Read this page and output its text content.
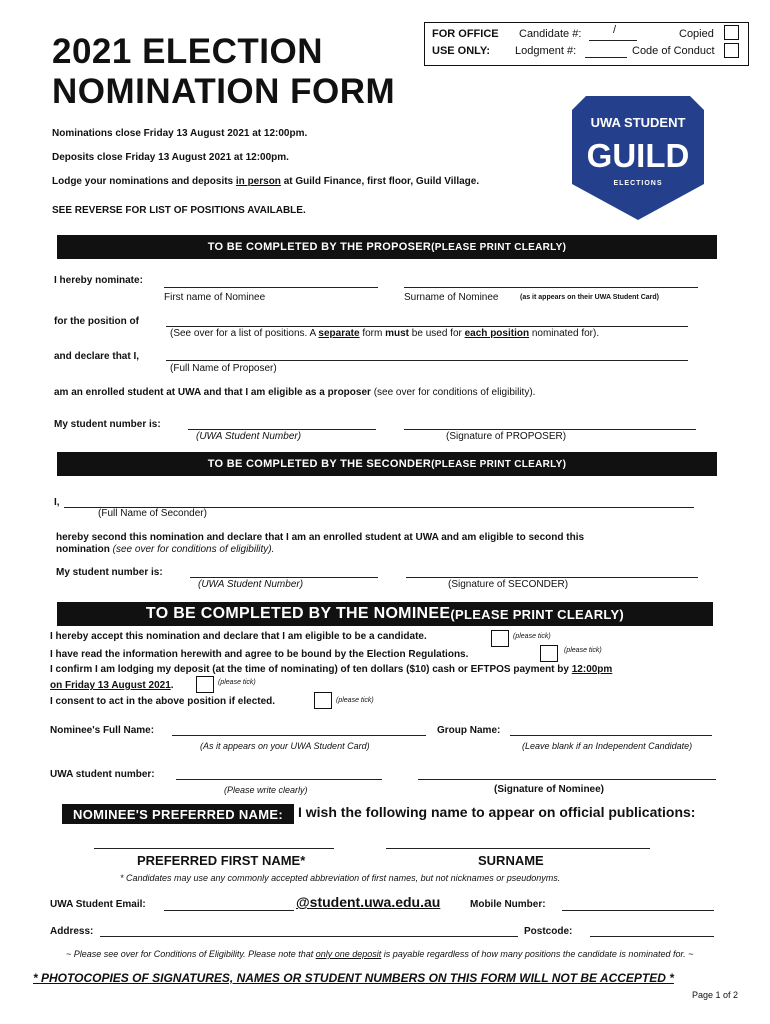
FOR OFFICE
USE ONLY:
Candidate #:	/
Lodgment #:
Copied
Code of Conduct
2021 ELECTION
NOMINATION FORM
UWA STUDENT
GUILD
ELECTIONS
Nominations close Friday 13 August 2021 at 12:00pm.
Deposits close Friday 13 August 2021 at 12:00pm.
Lodge your nominations and deposits in person at Guild Finance, first floor, Guild Village.
SEE REVERSE FOR LIST OF POSITIONS AVAILABLE.
TO BE COMPLETED BY THE PROPOSER (PLEASE PRINT CLEARLY)
I hereby nominate:
First name of Nominee	Surname of Nominee	(as it appears on their UWA Student Card)
for the position of
(See over for a list of positions. A separate form must be used for each position nominated for).
and declare that I,
(Full Name of Proposer)
am an enrolled student at UWA and that I am eligible as a proposer (see over for conditions of eligibility).
My student number is:
(UWA Student Number)	(Signature of PROPOSER)
TO BE COMPLETED BY THE SECONDER (PLEASE PRINT CLEARLY)
I,
(Full Name of Seconder)
hereby second this nomination and declare that I am an enrolled student at UWA and am eligible to second this
nomination (see over for conditions of eligibility).
My student number is:
(UWA Student Number)	(Signature of SECONDER)
TO BE COMPLETED BY THE NOMINEE (PLEASE PRINT CLEARLY)
I hereby accept this nomination and declare that I am eligible to be a candidate.	(please tick)
I have read the information herewith and agree to be bound by the Election Regulations.	(please tick)
I confirm I am lodging my deposit (at the time of nominating) of ten dollars ($10) cash or EFTPOS payment by 12:00pm
on Friday 13 August 2021.	(please tick)
I consent to act in the above position if elected.	(please tick)
Nominee's Full Name:
(As it appears on your UWA Student Card)
Group Name:
(Leave blank if an Independent Candidate)
UWA student number:
(Please write clearly)	(Signature of Nominee)
NOMINEE'S PREFERRED NAME:	I wish the following name to appear on official publications:
PREFERRED FIRST NAME*	SURNAME
* Candidates may use any commonly accepted abbreviation of first names, but not nicknames or pseudonyms.
UWA Student Email:	@student.uwa.edu.au	Mobile Number:
Address:	Postcode:
~ Please see over for Conditions of Eligibility. Please note that only one deposit is payable regardless of how many positions the candidate is nominated for. ~
* PHOTOCOPIES OF SIGNATURES, NAMES OR STUDENT NUMBERS ON THIS FORM WILL NOT BE ACCEPTED *
Page 1 of 2
